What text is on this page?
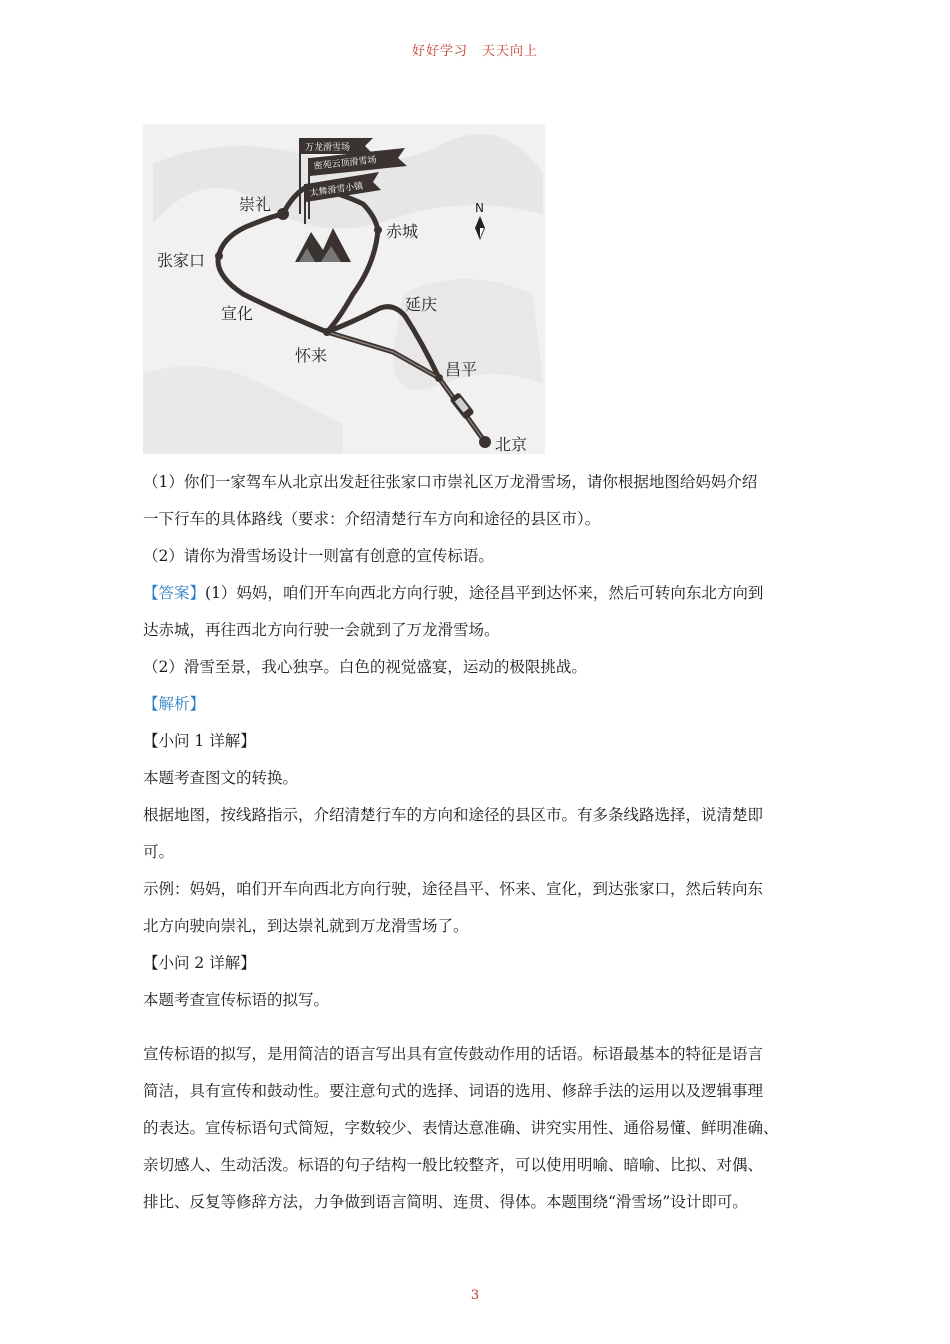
好好学习　天天向上
万龙滑雪场
密苑云顶滑雪场
太舞滑雪小镇
N
崇礼
赤城
张家口
宣化	延庆
怀来
昌平
北京

（1）你们一家驾车从北京出发赶往张家口市崇礼区万龙滑雪场，请你根据地图给妈妈介绍

一下行车的具体路线（要求：介绍清楚行车方向和途径的县区市）。

（2）请你为滑雪场设计一则富有创意的宣传标语。

【答案】(1）妈妈，咱们开车向西北方向行驶，途径昌平到达怀来，然后可转向东北方向到

达赤城，再往西北方向行驶一会就到了万龙滑雪场。

（2）滑雪至景，我心独享。白色的视觉盛宴，运动的极限挑战。

【解析】

【小问 1 详解】

本题考查图文的转换。

根据地图，按线路指示，介绍清楚行车的方向和途径的县区市。有多条线路选择，说清楚即

可。

示例：妈妈，咱们开车向西北方向行驶，途径昌平、怀来、宣化，到达张家口，然后转向东

北方向驶向崇礼，到达崇礼就到万龙滑雪场了。

【小问 2 详解】

本题考查宣传标语的拟写。

宣传标语的拟写，是用简洁的语言写出具有宣传鼓动作用的话语。标语最基本的特征是语言

简洁，具有宣传和鼓动性。要注意句式的选择、词语的选用、修辞手法的运用以及逻辑事理

的表达。宣传标语句式简短，字数较少、表情达意准确、讲究实用性、通俗易懂、鲜明准确、

亲切感人、生动活泼。标语的句子结构一般比较整齐，可以使用明喻、暗喻、比拟、对偶、

排比、反复等修辞方法，力争做到语言简明、连贯、得体。本题围绕“滑雪场”设计即可。

3
